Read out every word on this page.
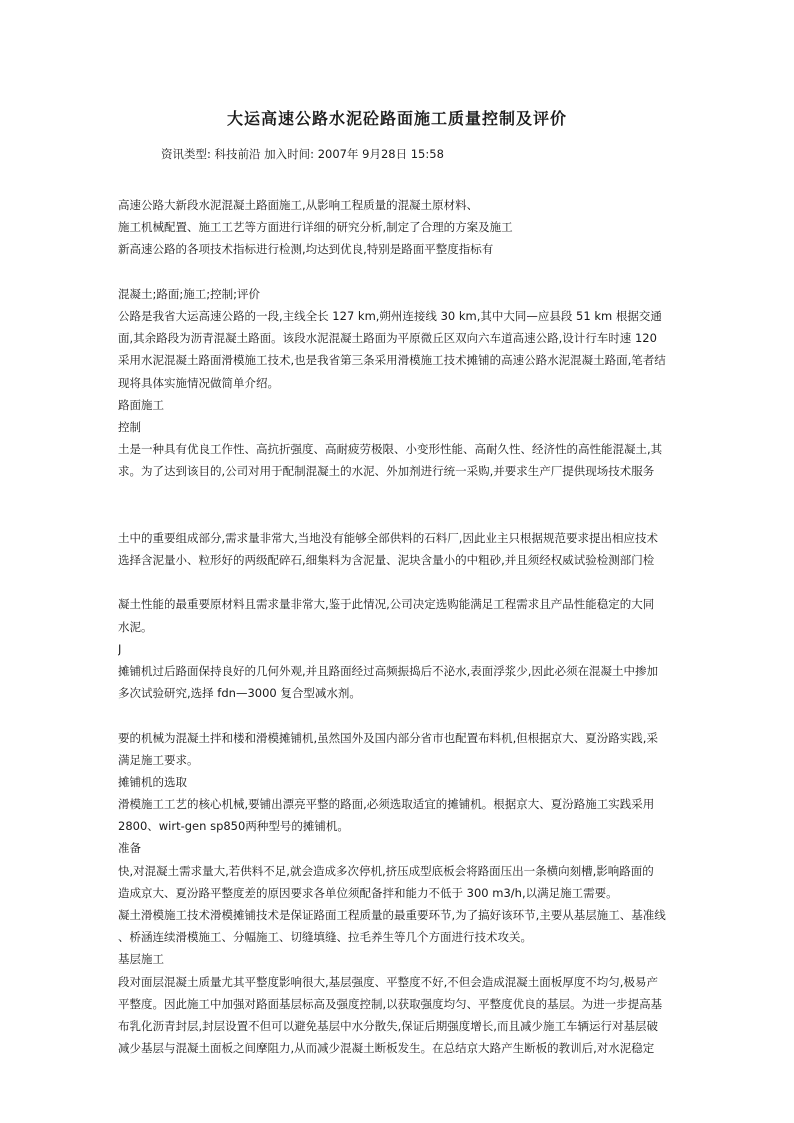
大运高速公路水泥砼路面施工质量控制及评价
资讯类型: 科技前沿 加入时间: 2007年 9月28日 15:58
高速公路大新段水泥混凝土路面施工,从影响工程质量的混凝土原材料、
施工机械配置、施工工艺等方面进行详细的研究分析,制定了合理的方案及施工
新高速公路的各项技术指标进行检测,均达到优良,特别是路面平整度指标有
混凝土;路面;施工;控制;评价
公路是我省大运高速公路的一段,主线全长 127 km,朔州连接线 30 km,其中大同—应县段 51 km 根据交通
面,其余路段为沥青混凝土路面。该段水泥混凝土路面为平原微丘区双向六车道高速公路,设计行车时速 120
采用水泥混凝土路面滑模施工技术,也是我省第三条采用滑模施工技术摊铺的高速公路水泥混凝土路面,笔者结
现将具体实施情况做简单介绍。
路面施工
控制
土是一种具有优良工作性、高抗折强度、高耐疲劳极限、小变形性能、高耐久性、经济性的高性能混凝土,其
求。为了达到该目的,公司对用于配制混凝土的水泥、外加剂进行统一采购,并要求生产厂提供现场技术服务
土中的重要组成部分,需求量非常大,当地没有能够全部供料的石料厂,因此业主只根据规范要求提出相应技术
选择含泥量小、粒形好的两级配碎石,细集料为含泥量、泥块含量小的中粗砂,并且须经权威试验检测部门检
凝土性能的最重要原材料且需求量非常大,鉴于此情况,公司决定选购能满足工程需求且产品性能稳定的大同
水泥。
J
摊铺机过后路面保持良好的几何外观,并且路面经过高频振捣后不泌水,表面浮浆少,因此必须在混凝土中掺加
多次试验研究,选择 fdn—3000 复合型减水剂。
要的机械为混凝土拌和楼和滑模摊铺机,虽然国外及国内部分省市也配置布料机,但根据京大、夏汾路实践,采
满足施工要求。
摊铺机的选取
滑模施工工艺的核心机械,要铺出漂亮平整的路面,必须选取适宜的摊铺机。根据京大、夏汾路施工实践采用
2800、wirt-gen sp850两种型号的摊铺机。
准备
快,对混凝土需求量大,若供料不足,就会造成多次停机,挤压成型底板会将路面压出一条横向刻槽,影响路面的
造成京大、夏汾路平整度差的原因要求各单位须配备拌和能力不低于 300 m3/h,以满足施工需要。
凝土滑模施工技术滑模摊铺技术是保证路面工程质量的最重要环节,为了搞好该环节,主要从基层施工、基准线
、桥涵连续滑模施工、分幅施工、切缝填缝、拉毛养生等几个方面进行技术攻关。
基层施工
段对面层混凝土质量尤其平整度影响很大,基层强度、平整度不好,不但会造成混凝土面板厚度不均匀,极易产
平整度。因此施工中加强对路面基层标高及强度控制,以获取强度均匀、平整度优良的基层。为进一步提高基
布乳化沥青封层,封层设置不但可以避免基层中水分散失,保证后期强度增长,而且减少施工车辆运行对基层破
减少基层与混凝土面板之间摩阻力,从而减少混凝土断板发生。在总结京大路产生断板的教训后,对水泥稳定
